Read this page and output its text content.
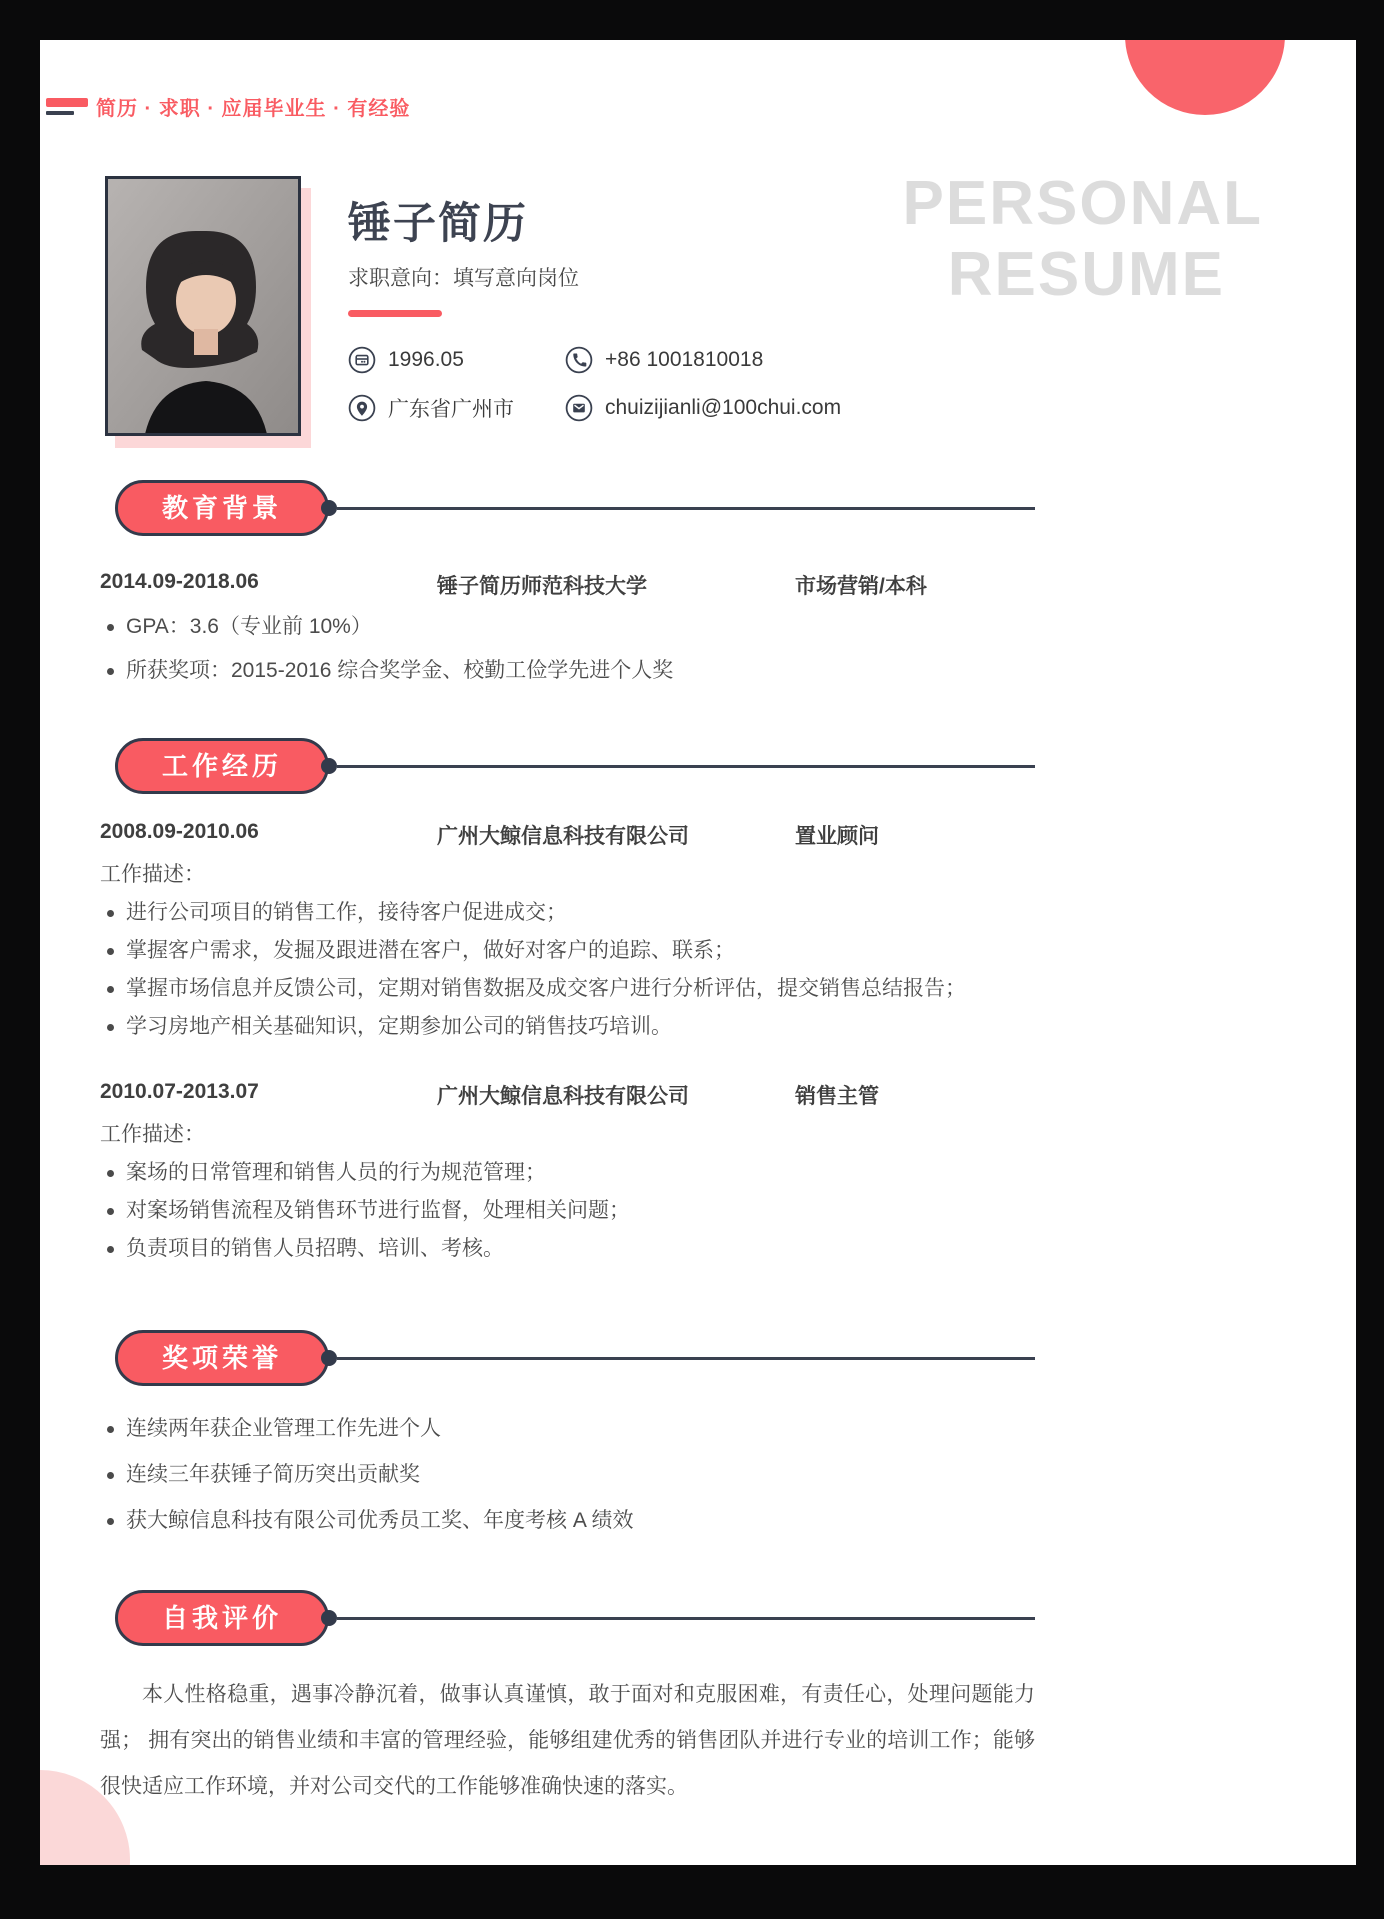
PERSONAL
RESUME
简历 · 求职 · 应届毕业生 · 有经验
锤子简历
求职意向：填写意向岗位
1996.05	+86 1001810018
广东省广州市	chuizijianli@100chui.com
教育背景
2014.09-2018.06	锤子简历师范科技大学	市场营销/本科
GPA：3.6（专业前 10%）
所获奖项：2015-2016 综合奖学金、校勤工俭学先进个人奖
工作经历
2008.09-2010.06	广州大鲸信息科技有限公司	置业顾问
工作描述：
进行公司项目的销售工作，接待客户促进成交；
掌握客户需求，发掘及跟进潜在客户，做好对客户的追踪、联系；
掌握市场信息并反馈公司，定期对销售数据及成交客户进行分析评估，提交销售总结报告；
学习房地产相关基础知识，定期参加公司的销售技巧培训。
2010.07-2013.07	广州大鲸信息科技有限公司	销售主管
工作描述：
案场的日常管理和销售人员的行为规范管理；
对案场销售流程及销售环节进行监督，处理相关问题；
负责项目的销售人员招聘、培训、考核。
奖项荣誉
连续两年获企业管理工作先进个人
连续三年获锤子简历突出贡献奖
获大鲸信息科技有限公司优秀员工奖、年度考核 A 绩效
自我评价

本人性格稳重，遇事冷静沉着，做事认真谨慎，敢于面对和克服困难，有责任心，处理问题能力强； 拥有突出的销售业绩和丰富的管理经验，能够组建优秀的销售团队并进行专业的培训工作；能够很快适应工作环境，并对公司交代的工作能够准确快速的落实。
